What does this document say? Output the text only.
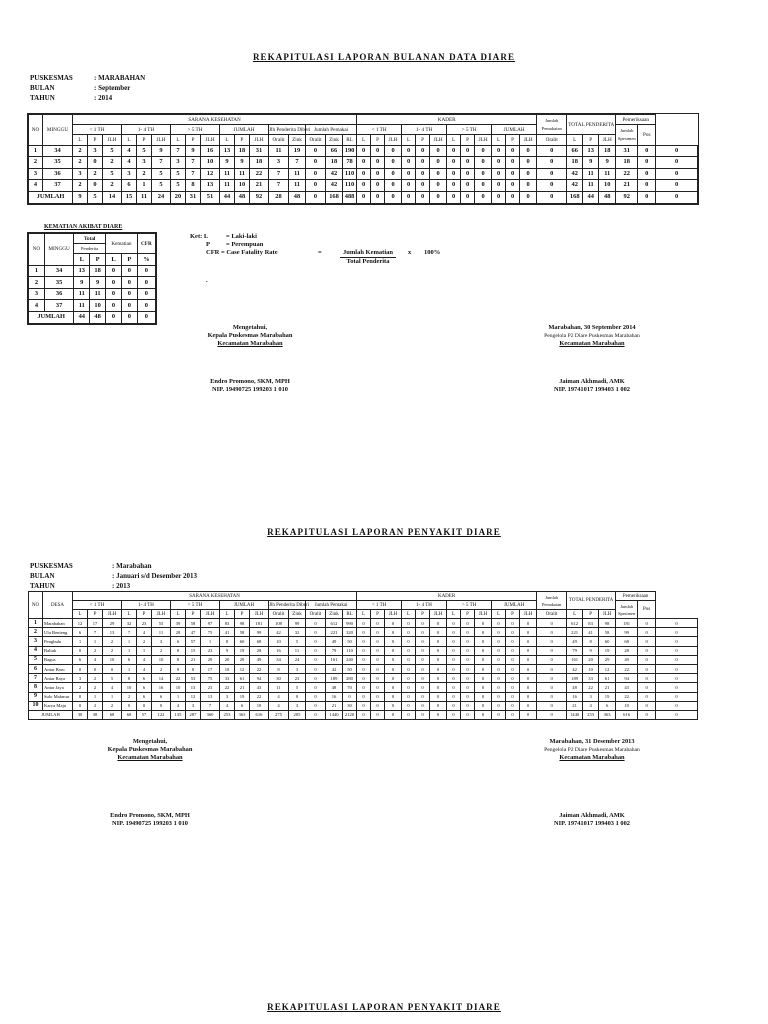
REKAPITULASI LAPORAN BULANAN DATA DIARE
PUSKESMAS	: MARABAHAN
BULAN	: September
TAHUN	: 2014
NO	MINGGU	SARANA KESEHATAN																	KADER												Jumlah Pemakaian	TOTAL PENDERITA			Pemeriksaan		
		< 1 TH			1- 4 TH			> 5 TH			JUMLAH			Jlh Penderita Diberi		Jumlah Pemakai			< 1 TH			1- 4 TH			> 5 TH			JUMLAH							Jumlah Spesimen	Pos	
		L	P	JLH	L	P	JLH	L	P	JLH	L	P	JLH	Oralit	Zink	Oralit	Zink	RL	L	P	JLH	L	P	JLH	L	P	JLH	L	P	JLH	Oralit	L	P	JLH			
1	34	2	3	5	4	5	9	7	9	16	13	18	31	11	19	0	66	190	0	0	0	0	0	0	0	0	0	0	0	0	0	66	13	18	31	0	0
2	35	2	0	2	4	3	7	3	7	10	9	9	18	3	7	0	18	78	0	0	0	0	0	0	0	0	0	0	0	0	0	18	9	9	18	0	0
3	36	3	2	5	3	2	5	5	7	12	11	11	22	7	11	0	42	110	0	0	0	0	0	0	0	0	0	0	0	0	0	42	11	11	22	0	0
4	37	2	0	2	6	1	5	5	8	13	11	10	21	7	11	0	42	110	0	0	0	0	0	0	0	0	0	0	0	0	0	42	11	10	21	0	0
JUMLAH		9	5	14	15	11	24	20	31	51	44	48	92	28	48	0	168	488	0	0	0	0	0	0	0	0	0	0	0	0	0	168	44	48	92	0	0
KEMATIAN AKIBAT DIARE
NO	MINGGU	Total		Kematian		CFR
		Penderita				
		L	P	L	P	%
1	34	13	18	0	0	0
2	35	9	9	0	0	0
3	36	11	11	0	0	0
4	37	11	10	0	0	0
JUMLAH		44	48	0	0	0
Ket: L	= Laki-laki
P = Perempuan
CFR = Case Fatality Rate	=	Jumlah Kematian
Total Penderita
x 100%
.
Mengetahui,
Kepala Puskesmas Marabahan
Kecamatan Marabahan
Endro Promono, SKM, MPH
NIP. 19490725 199203 1 010
Marabahan, 30 September 2014
Pengelola P2 Diare Puskesmas Marabahan
Kecamatan Marabahan
Jaiman Akhmadi, AMK
NIP. 19741017 199403 1 002
REKAPITULASI LAPORAN PENYAKIT DIARE
PUSKESMAS	: Marabahan
BULAN	: Januari s/d Desember 2013
TAHUN	: 2013
NO	DESA	SARANA KESEHATAN																	KADER												Jumlah Pemakaian	TOTAL PENDERITA			Pemeriksaan		
		< 1 TH			1- 4 TH			> 5 TH			JUMLAH			Jlh Penderita Diberi		Jumlah Pemakai			< 1 TH			1- 4 TH			> 5 TH			JUMLAH							Jumlah Spesimen	Pos	
		L	P	JLH	L	P	JLH	L	P	JLH	L	P	JLH	Oralit	Zink	Oralit	Zink	RL	L	P	JLH	L	P	JLH	L	P	JLH	L	P	JLH	Oralit	L	P	JLH			
1	Marabahan	12	17	29	32	23	55	39	58	97	83	98	181	108	99	0	612	990	0	0	0	0	0	0	0	0	0	0	0	0	0	612	83	98	181	0	0
2	Ulu Benteng	6	7	13	7	4	11	28	47	75	41	58	99	42	32	0	221	320	0	0	0	0	0	0	0	0	0	0	0	0	0	221	41	58	99	0	0
3	Penghulu	1	1	2	1	2	3	6	57	1	8	60	68	10	5	0	49	50	0	0	0	0	0	0	0	0	0	0	0	0	0	49	8	60	68	0	0
4	Baliuk	0	2	2	1	1	2	8	15	23	9	19	28	16	11	0	79	110	0	0	0	0	0	0	0	0	0	0	0	0	0	79	9	19	28	0	0
5	Bagus	6	4	10	6	4	10	8	21	29	20	29	49	34	24	0	161	240	0	0	0	0	0	0	0	0	0	0	0	0	0	161	20	29	49	0	0
6	Antar Baru	0	0	0	1	4	2	9	8	17	10	12	22	8	3	0	42	50	0	0	0	0	0	0	0	0	0	0	0	0	0	42	10	12	22	0	0
7	Antar Raya	3	2	5	8	6	14	22	53	75	33	61	94	30	23	0	189	280	0	0	0	0	0	0	0	0	0	0	0	0	0	189	33	61	94	0	0
8	Antar Jaya	2	2	4	10	6	16	10	13	23	22	21	43	11	5	0	48	70	0	0	0	0	0	0	0	0	0	0	0	0	0	48	22	21	43	0	0
9	Sulo Makmur	0	1	1	2	6	6	1	12	13	3	19	22	4	0	0	16	0	0	0	0	0	0	0	0	0	0	0	0	0	0	16	3	19	22	0	0
10	Karya Maju	0	2	2	0	0	0	4	3	7	4	6	10	4	3	0	21	30	0	0	0	0	0	0	0	0	0	0	0	0	0	21	4	6	10	0	0
JUMLAH		30	38	68	68	57	122	135	287	360	253	363	616	275	205	0	1440	2120	0	0	0	0	0	0	0	0	0	0	0	0	0	1440	253	363	616	0	0
Mengetahui,
Kepala Puskesmas Marabahan
Kecamatan Marabahan
Endro Promono, SKM, MPH
NIP. 19490725 199203 1 010
Marabahan, 31 Desember 2013
Pengelola P2 Diare Puskesmas Marabahan
Kecamatan Marabahan
Jaiman Akhmadi, AMK
NIP. 19741017 199403 1 002
REKAPITULASI LAPORAN PENYAKIT DIARE
